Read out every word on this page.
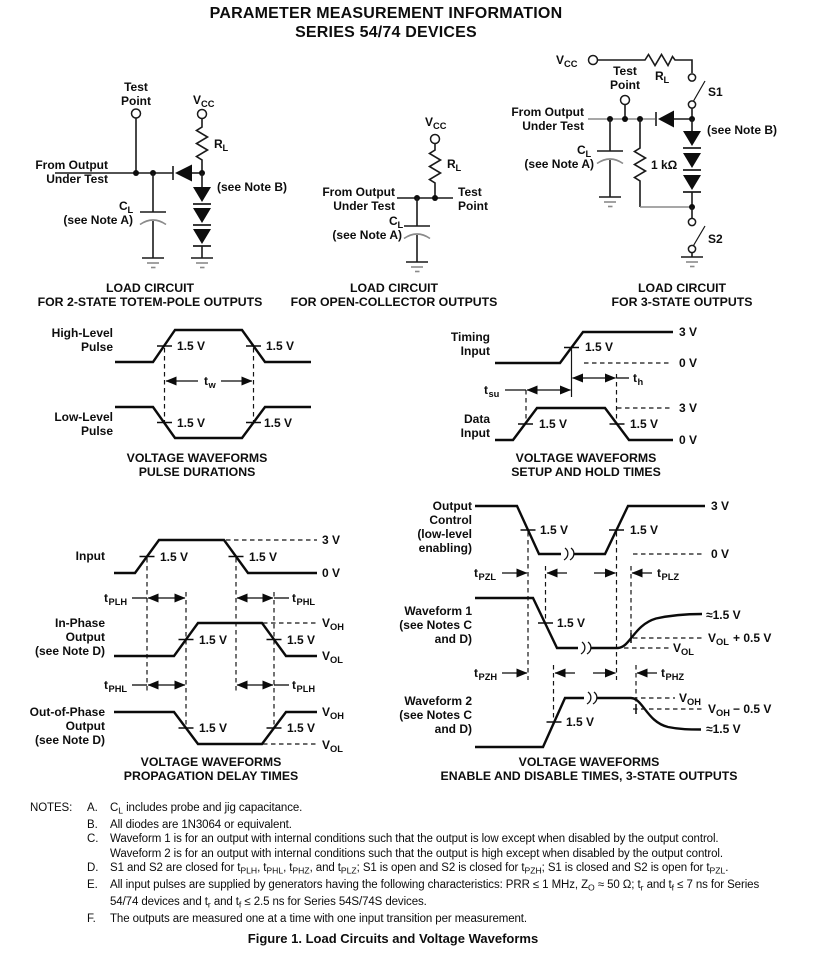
PARAMETER MEASUREMENT INFORMATION
SERIES 54/74 DEVICES
Test
Point	V CC
R L
From Output
Under Test
(see Note B)
C L
(see Note A)
LOAD CIRCUIT
FOR 2-STATE TOTEM-POLE OUTPUTS
V CC
R L
From Output
Under Test
Test
Point
C L
(see Note A)
LOAD CIRCUIT
FOR OPEN-COLLECTOR OUTPUTS
V CC
R L
Test
Point	S1
From Output
Under Test	(see Note B)
C L
(see Note A)	1 kΩ
S2
LOAD CIRCUIT
FOR 3-STATE OUTPUTS
1.5 V	1.5 V
High-Level
Pulse
t w
1.5 V	1.5 V
Low-Level
Pulse
VOLTAGE WAVEFORMS
PULSE DURATIONS
1.5 V
3 V
0 V
Timing
Input
t su
t h
1.5 V	1.5 V
3 V
0 V
Data
Input
VOLTAGE WAVEFORMS
SETUP AND HOLD TIMES
1.5 V	1.5 V
3 V
0 V
Input
t PLH	t PHL
1.5 V	1.5 V
V OH
V OL
In-Phase
Output
(see Note D)
t PHL	t PLH
1.5 V	1.5 V
V OH
V OL
Out-of-Phase
Output
(see Note D)
VOLTAGE WAVEFORMS
PROPAGATION DELAY TIMES
1.5 V	1.5 V
3 V
0 V
Output
Control
(low-level
enabling)
t PZL	t PLZ
1.5 V
V OL
V OL + 0.5 V
≈1.5 V
Waveform 1
(see Notes C
and D)
t PZH	t PHZ
1.5 V
V OH V OH − 0.5 V
≈1.5 V
Waveform 2
(see Notes C
and D)
VOLTAGE WAVEFORMS
ENABLE AND DISABLE TIMES, 3-STATE OUTPUTS
NOTES: A. $C_L$ includes probe and jig capacitance.
B. All diodes are 1N3064 or equivalent.
C. Waveform 1 is for an output with internal conditions such that the output is low except when disabled by the output control.
Waveform 2 is for an output with internal conditions such that the output is high except when disabled by the output control.
D. S1 and S2 are closed for $t_{PLH}$, $t_{PHL}$, $t_{PHZ}$, and $t_{PLZ}$; S1 is open and S2 is closed for $t_{PZH}$; S1 is closed and S2 is open for $t_{PZL}$.
E. All input pulses are supplied by generators having the following characteristics: PRR ≤ 1 MHz, $Z_O \approx 50$ Ω; $t_r$ and $t_f \le 7$ ns for Series
54/74 devices and $t_r$ and $t_f \le 2.5$ ns for Series 54S/74S devices.
F. The outputs are measured one at a time with one input transition per measurement.
Figure 1. Load Circuits and Voltage Waveforms
